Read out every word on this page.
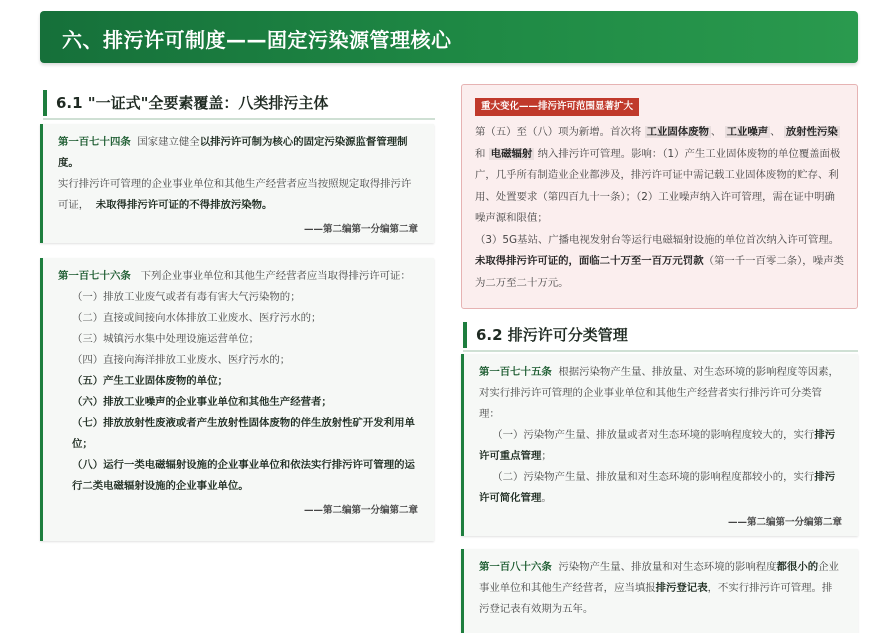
六、排污许可制度——固定污染源管理核心
6.1 "一证式"全要素覆盖：八类排污主体

第一百七十四条 国家建立健全以排污许可制为核心的固定污染源监督管理制度。

实行排污许可管理的企业事业单位和其他生产经营者应当按照规定取得排污许可证， 未取得排污许可证的不得排放污染物。

——第二编第一分编第二章

第一百七十六条 下列企业事业单位和其他生产经营者应当取得排污许可证：

（一）排放工业废气或者有毒有害大气污染物的；

（二）直接或间接向水体排放工业废水、医疗污水的；

（三）城镇污水集中处理设施运营单位；

（四）直接向海洋排放工业废水、医疗污水的；

（五）产生工业固体废物的单位；

（六）排放工业噪声的企业事业单位和其他生产经营者；

（七）排放放射性废液或者产生放射性固体废物的伴生放射性矿开发利用单位；

（八）运行一类电磁辐射设施的企业事业单位和依法实行排污许可管理的运行二类电磁辐射设施的企业事业单位。

——第二编第一分编第二章
重大变化——排污许可范围显著扩大

第（五）至（八）项为新增。首次将 工业固体废物 、 工业噪声 、 放射性污染 和 电磁辐射 纳入排污许可管理。影响：（1）产生工业固体废物的单位覆盖面极广，几乎所有制造业企业都涉及，排污许可证中需记载工业固体废物的贮存、利用、处置要求（第四百九十一条）；（2）工业噪声纳入许可管理，需在证中明确噪声源和限值；

（3）5G基站、广播电视发射台等运行电磁辐射设施的单位首次纳入许可管理。 未取得排污许可证的，面临二十万至一百万元罚款（第一千一百零二条），噪声类为二万至二十万元。

6.2 排污许可分类管理

第一百七十五条 根据污染物产生量、排放量、对生态环境的影响程度等因素，对实行排污许可管理的企业事业单位和其他生产经营者实行排污许可分类管理：

（一）污染物产生量、排放量或者对生态环境的影响程度较大的，实行排污许可重点管理；

（二）污染物产生量、排放量和对生态环境的影响程度都较小的，实行排污许可简化管理。

——第二编第一分编第二章

第一百八十六条 污染物产生量、排放量和对生态环境的影响程度都很小的企业事业单位和其他生产经营者，应当填报排污登记表，不实行排污许可管理。排污登记表有效期为五年。
